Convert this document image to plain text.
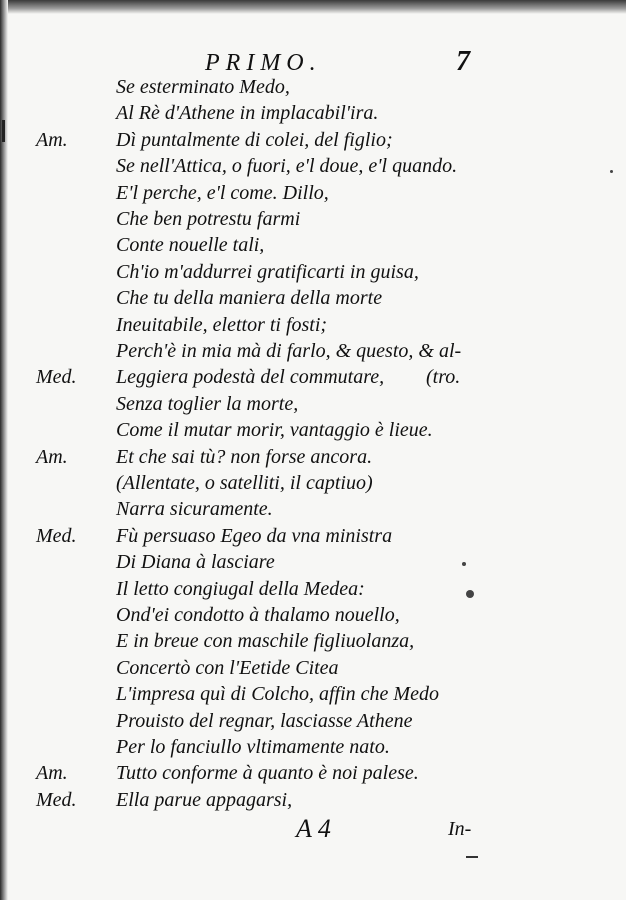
PRIMO.	7
Se esterminato Medo,
Al Rè d'Athene in implacabil'ira.
Am. Dì puntalmente di colei, del figlio;
Se nell'Attica, o fuori, e'l doue, e'l quando.
E'l perche, e'l come. Dillo,
Che ben potrestu farmi
Conte nouelle tali,
Ch'io m'addurrei gratificarti in guisa,
Che tu della maniera della morte
Ineuitabile, elettor ti fosti;
Perch'è in mia mà di farlo, & questo, & al-
Med. Leggiera podestà del commutare, (tro.
Senza toglier la morte,
Come il mutar morir, vantaggio è lieue.
Am. Et che sai tù? non forse ancora.
(Allentate, o satelliti, il captiuo)
Narra sicuramente.
Med. Fù persuaso Egeo da vna ministra
Di Diana à lasciare
Il letto congiugal della Medea:
Ond'ei condotto à thalamo nouello,
E in breue con maschile figliuolanza,
Concertò con l'Eetide Citea
L'impresa quì di Colcho, affin che Medo
Prouisto del regnar, lasciasse Athene
Per lo fanciullo vltimamente nato.
Am. Tutto conforme à quanto è noi palese.
Med. Ella parue appagarsi,
A 4	In-
